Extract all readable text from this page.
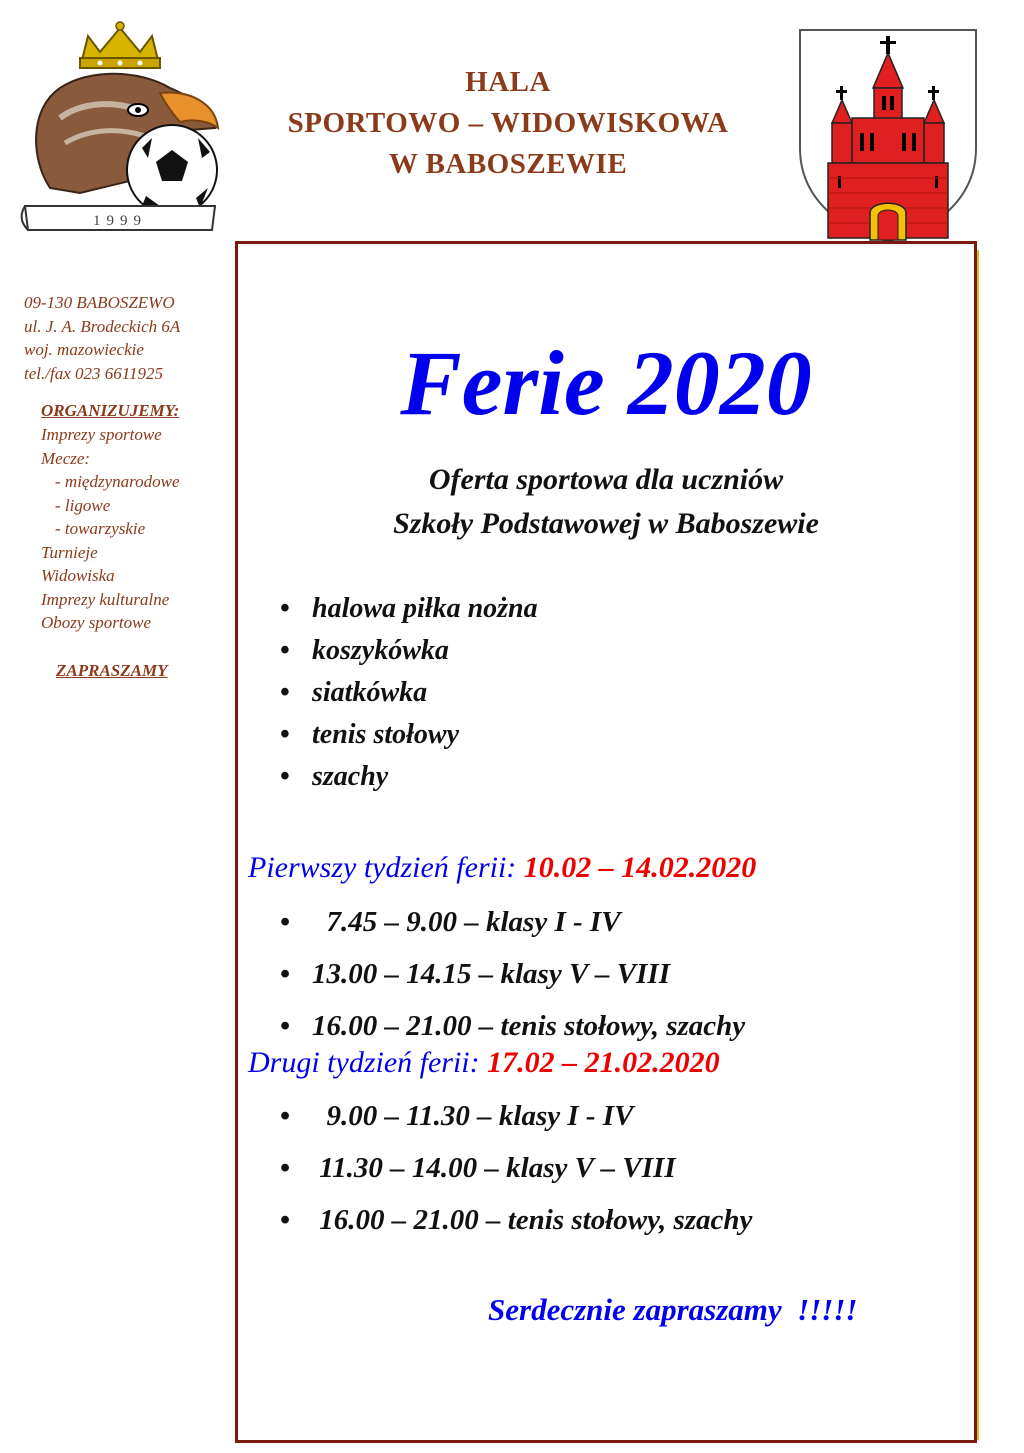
1999
HALA
SPORTOWO – WIDOWISKOWA
W BABOSZEWIE
09-130 BABOSZEWO
ul. J. A. Brodeckich 6A
woj. mazowieckie
tel./fax 023 6611925
ORGANIZUJEMY:
Imprezy sportowe
Mecze:
- międzynarodowe
- ligowe
- towarzyskie
Turnieje
Widowiska
Imprezy kulturalne
Obozy sportowe
ZAPRASZAMY
Ferie 2020
Oferta sportowa dla uczniów
Szkoły Podstawowej w Baboszewie
• halowa piłka nożna
• koszykówka
• siatkówka
• tenis stołowy
• szachy
Pierwszy tydzień ferii: 10.02 – 14.02.2020
•   7.45 – 9.00 – klasy I - IV
• 13.00 – 14.15 – klasy V – VIII
• 16.00 – 21.00 – tenis stołowy, szachy
Drugi tydzień ferii: 17.02 – 21.02.2020
•   9.00 – 11.30 – klasy I - IV
•  11.30 – 14.00 – klasy V – VIII
•  16.00 – 21.00 – tenis stołowy, szachy
Serdecznie zapraszamy  !!!!!
